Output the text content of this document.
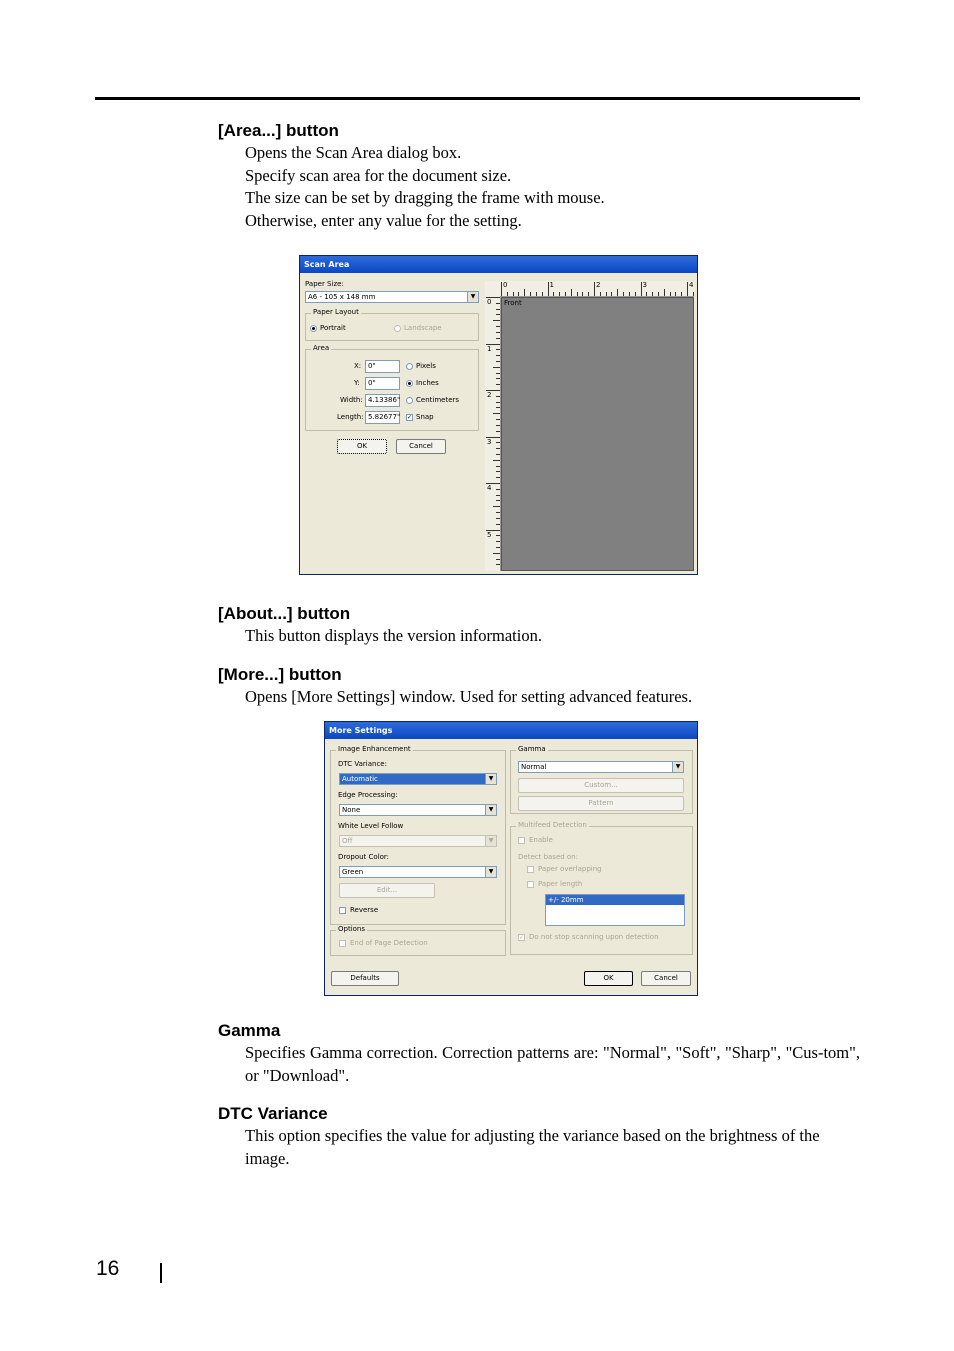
[Area...] button
Opens the Scan Area dialog box.
Specify scan area for the document size.
The size can be set by dragging the frame with mouse.
Otherwise, enter any value for the setting.
Scan Area
Paper Size:
A6 - 105 x 148 mm	▼
Paper Layout
Portrait	Landscape
Area
X: 0"
Y:	0"
Width: 4.13386"
Length: 5.82677"
Pixels
Inches
Centimeters
✓ Snap
OK	Cancel
Front
0	1	2	3	4
0
1
2
3
4
5
[About...] button
This button displays the version information.
[More...] button
Opens [More Settings] window. Used for setting advanced features.
More Settings
Image Enhancement
DTC Variance:
Automatic	▼
Edge Processing:
None	▼
White Level Follow
Off	▼
Dropout Color:
Green	▼
Edit...
Reverse
Options
End of Page Detection
Gamma
Normal	▼
Custom...
Pattern
Multifeed Detection
Enable
Detect based on:
Paper overlapping
Paper length
+/- 20mm
✓ Do not stop scanning upon detection
Defaults	OK	Cancel
Gamma
Specifies Gamma correction. Correction patterns are: "Normal", "Soft", "Sharp", "Cus-tom", or "Download".
DTC Variance
This option specifies the value for adjusting the variance based on the brightness of the image.
16
